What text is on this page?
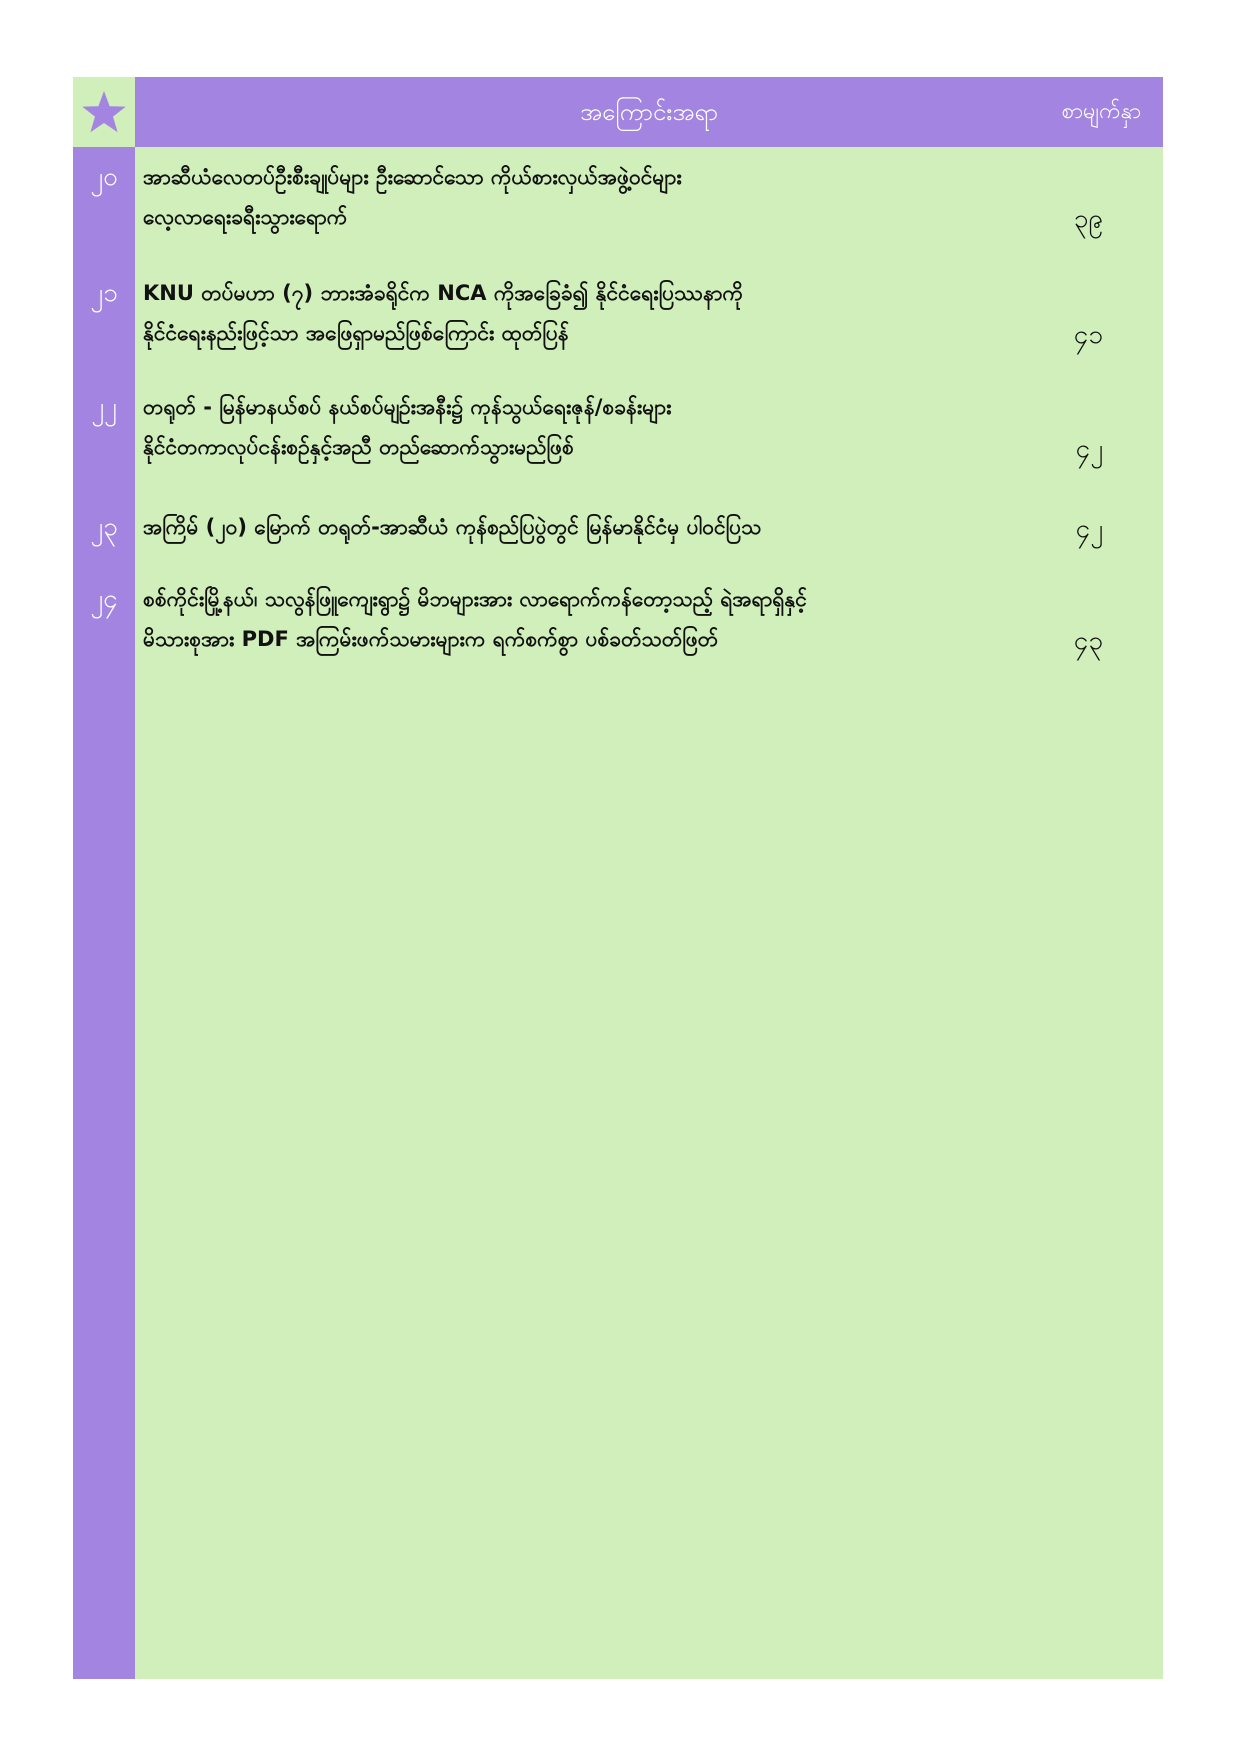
အကြောင်းအရာ	စာမျက်နှာ
၂၀	အာဆီယံလေတပ်ဦးစီးချုပ်များ ဦးဆောင်သော ကိုယ်စားလှယ်အဖွဲ့ဝင်များ
လေ့လာရေးခရီးသွားရောက်	၃၉
၂၁	KNU တပ်မဟာ (၇) ဘားအံခရိုင်က NCA ကိုအခြေခံ၍ နိုင်ငံရေးပြဿနာကို
နိုင်ငံရေးနည်းဖြင့်သာ အဖြေရှာမည်ဖြစ်ကြောင်း ထုတ်ပြန်	၄၁
၂၂	တရုတ် - မြန်မာနယ်စပ် နယ်စပ်မျဉ်းအနီး၌ ကုန်သွယ်ရေးဇုန်/စခန်းများ
နိုင်ငံတကာလုပ်ငန်းစဉ်နှင့်အညီ တည်ဆောက်သွားမည်ဖြစ်	၄၂
၂၃	အကြိမ် (၂၀) မြောက် တရုတ်-အာဆီယံ ကုန်စည်ပြပွဲတွင် မြန်မာနိုင်ငံမှ ပါဝင်ပြသ	၄၂
၂၄	စစ်ကိုင်းမြို့နယ်၊ သလွန်ဖြူကျေးရွာ၌ မိဘများအား လာရောက်ကန်တော့သည့် ရဲအရာရှိနှင့်
မိသားစုအား PDF အကြမ်းဖက်သမားများက ရက်စက်စွာ ပစ်ခတ်သတ်ဖြတ်	၄၃
